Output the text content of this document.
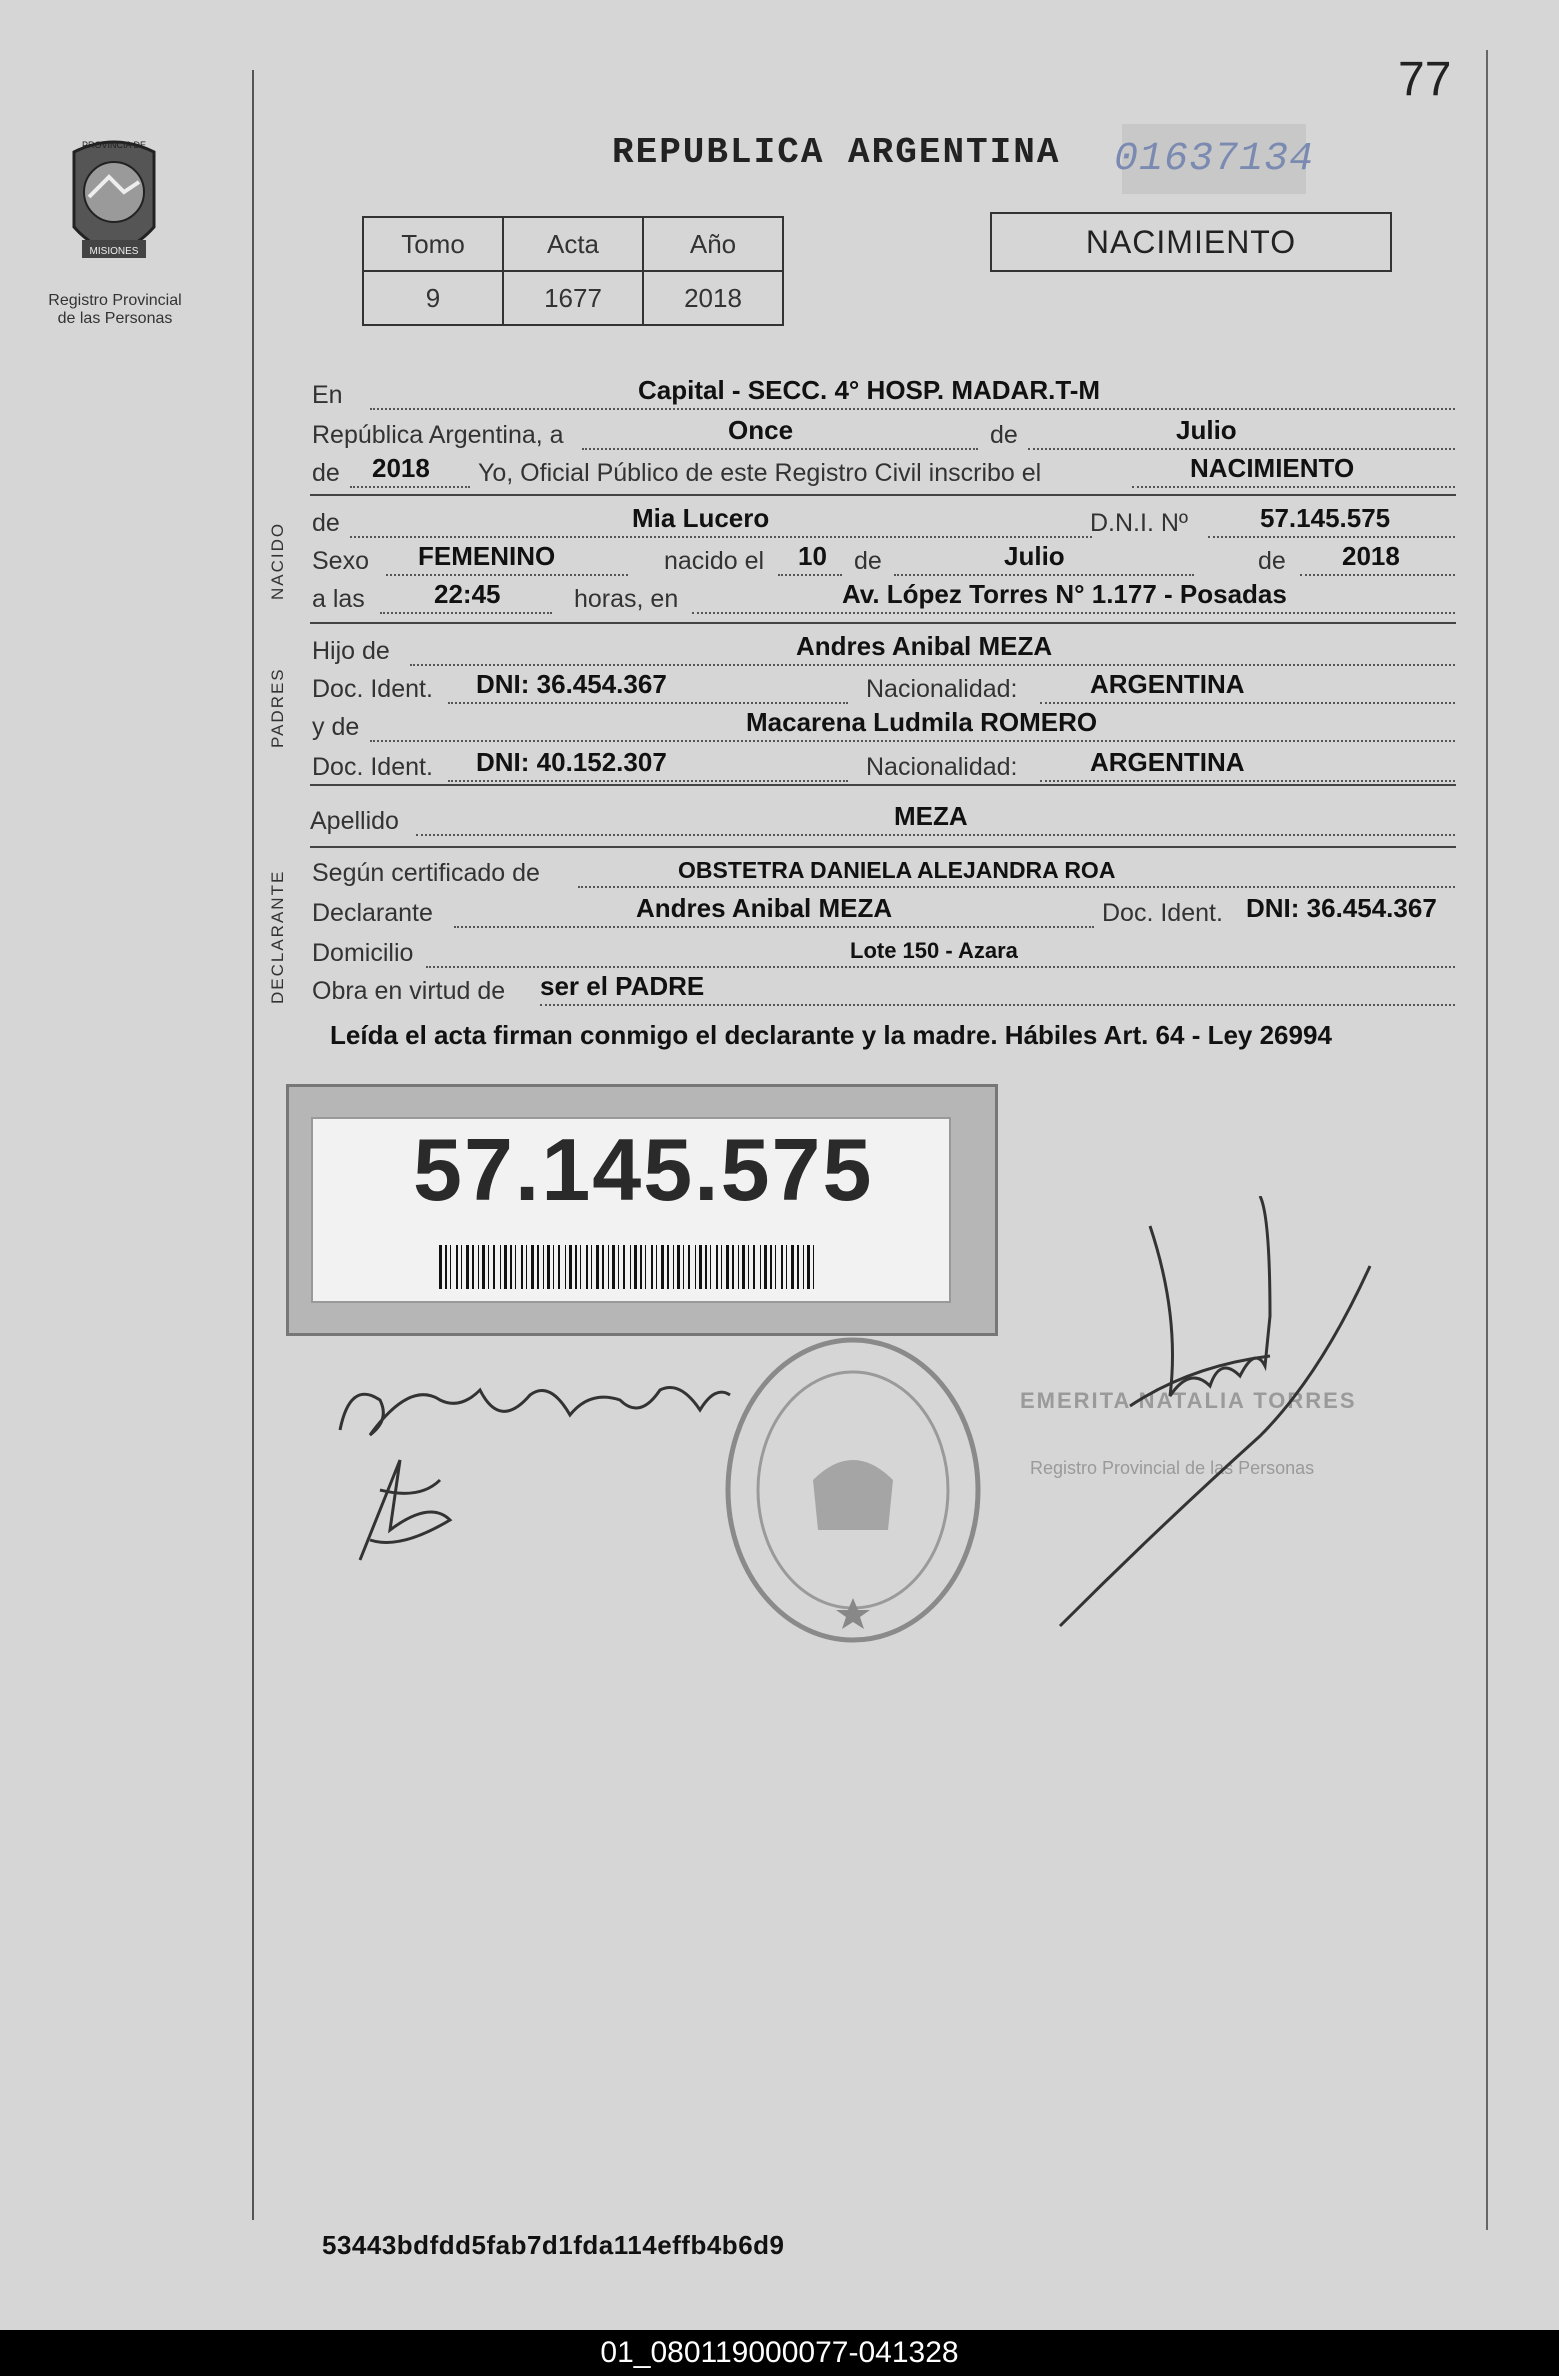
77
REPUBLICA ARGENTINA 01637134
PROVINCIA DE
MISIONES
Registro Provincial
de las Personas
Tomo	Acta	Año
9	1677	2018
NACIMIENTO
En	Capital - SECC. 4° HOSP. MADAR.T-M
República Argentina, a	Once	de	Julio
de 2018 Yo, Oficial Público de este Registro Civil inscribo el	NACIMIENTO
NACIDO de	Mia Lucero	D.N.I. Nº	57.145.575
Sexo FEMENINO	nacido el 10 de	Julio	de 2018
a las	22:45	horas, en	Av. López Torres N° 1.177 - Posadas
PADRES
Hijo de	Andres Anibal MEZA
Doc. Ident. DNI: 36.454.367	Nacionalidad:	ARGENTINA
y de	Macarena Ludmila ROMERO
Doc. Ident. DNI: 40.152.307	Nacionalidad:	ARGENTINA
Apellido	MEZA
DECLARANTE Según certificado de	OBSTETRA DANIELA ALEJANDRA ROA
Declarante	Andres Anibal MEZA	Doc. Ident. DNI: 36.454.367
Domicilio	Lote 150 - Azara
Obra en virtud de ser el PADRE
Leída el acta firman conmigo el declarante y la madre. Hábiles Art. 64 - Ley 26994
57.145.575
EMERITA NATALIA TORRES
Registro Provincial de las Personas
53443bdfdd5fab7d1fda114effb4b6d9
01_080119000077-041328
